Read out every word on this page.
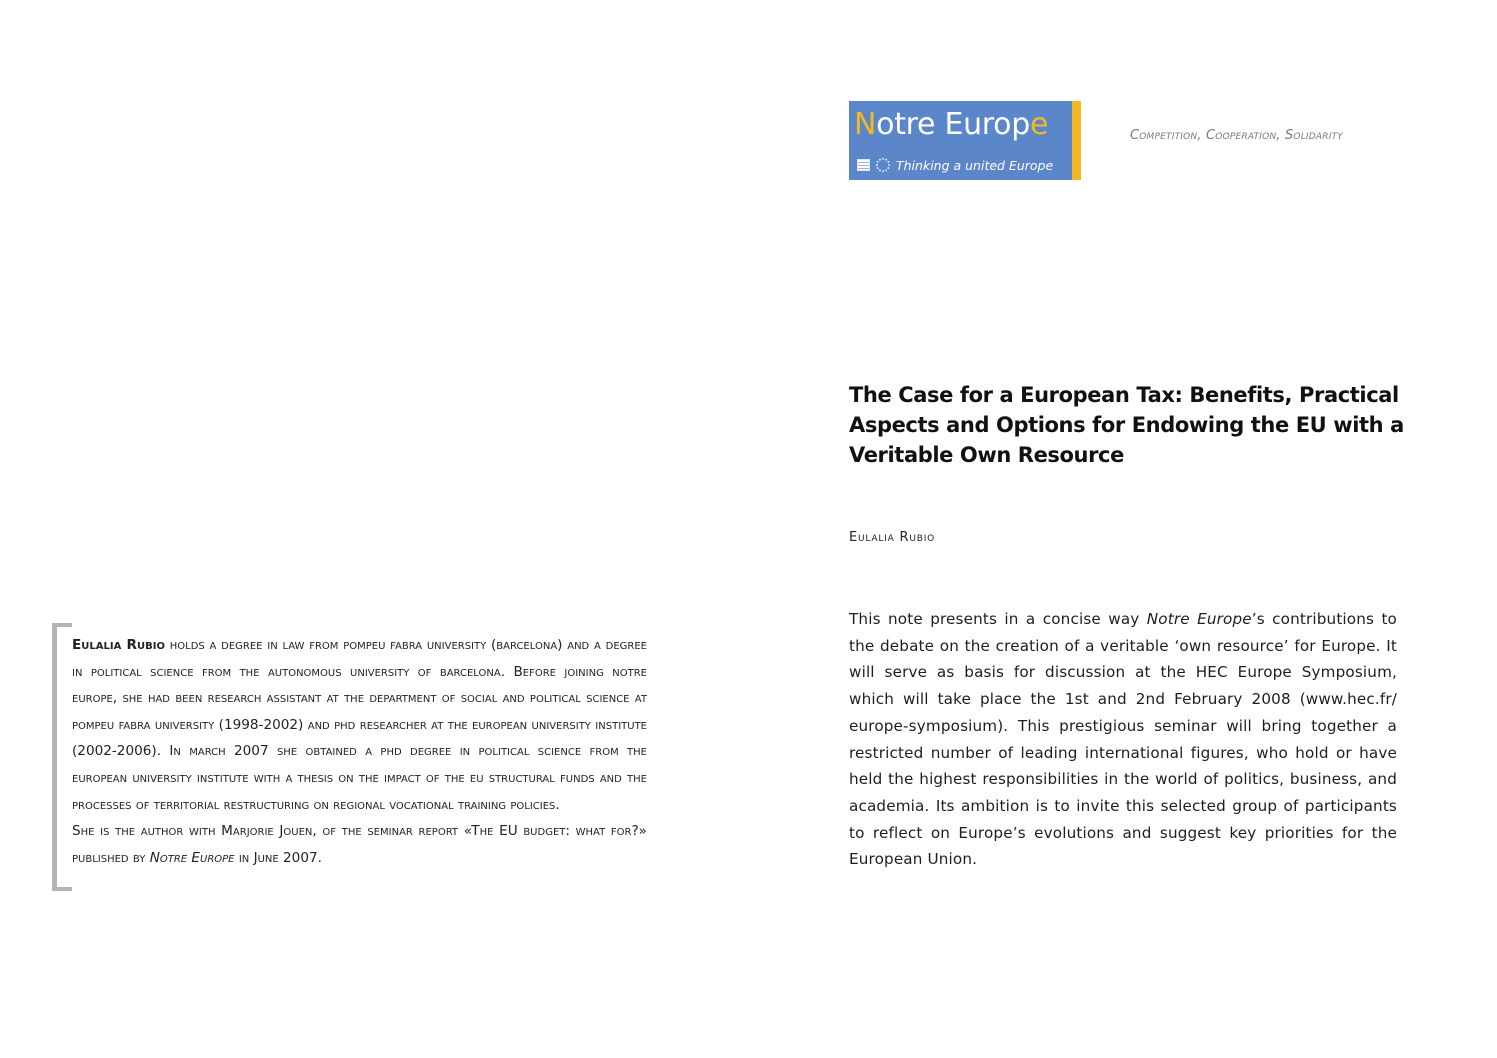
Notre Europe
Thinking a united Europe
Competition, Cooperation, Solidarity
The Case for a European Tax: Benefits, Practical Aspects and Options for Endowing the EU with a Veritable Own Resource
Eulalia Rubio

This note presents in a concise way Notre Europe’s contributions to the debate on the creation of a veritable ‘own resource’ for Europe. It will serve as basis for discussion at the HEC Europe Symposium, which will take place the 1st and 2nd February 2008 (www.hec.fr/ europe-symposium). This prestigious seminar will bring together a restricted number of leading international figures, who hold or have held the highest responsibilities in the world of politics, business, and academia. Its ambition is to invite this selected group of participants to reflect on Europe’s evolutions and suggest key priorities for the European Union.

Eulalia Rubio holds a degree in law from pompeu fabra university (barcelona) and a degree in political science from the autonomous university of barcelona. Before joining notre europe, she had been research assistant at the department of social and political science at pompeu fabra university (1998-2002) and phd researcher at the european university institute (2002-2006). In march 2007 she obtained a phd degree in political science from the european university institute with a thesis on the impact of the eu structural funds and the processes of territorial restructuring on regional vocational training policies.

She is the author with Marjorie Jouen, of the seminar report «The EU budget: what for?» published by Notre Europe in June 2007.
